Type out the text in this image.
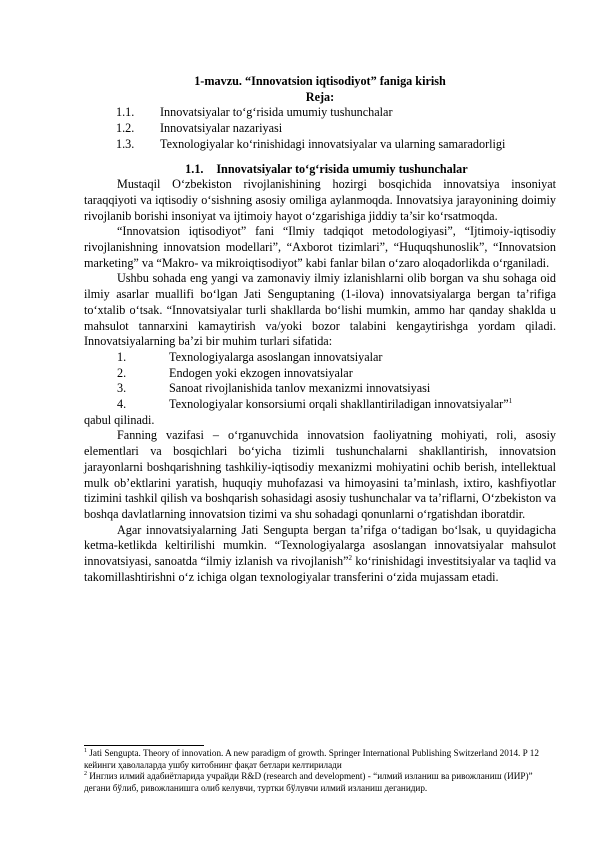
1-mavzu. “Innovatsion iqtisodiyot” faniga kirish
Reja:
1.1.	Innovatsiyalar to‘g‘risida umumiy tushunchalar
1.2.	Innovatsiyalar nazariyasi
1.3.	Texnologiyalar ko‘rinishidagi innovatsiyalar va ularning samaradorligi
1.1. Innovatsiyalar to‘g‘risida umumiy tushunchalar

Mustaqil O‘zbekiston rivojlanishining hozirgi bosqichida innovatsiya insoniyat taraqqiyoti va iqtisodiy o‘sishning asosiy omiliga aylanmoqda. Innovatsiya jarayonining doimiy rivojlanib borishi insoniyat va ijtimoiy hayot o‘zgarishiga jiddiy ta’sir ko‘rsatmoqda.

“Innovatsion iqtisodiyot” fani “Ilmiy tadqiqot metodologiyasi”, “Ijtimoiy-iqtisodiy rivojlanishning innovatsion modellari”, “Axborot tizimlari”, “Huquqshunoslik”, “Innovatsion marketing” va “Makro- va mikroiqtisodiyot” kabi fanlar bilan o‘zaro aloqadorlikda o‘rganiladi.

Ushbu sohada eng yangi va zamonaviy ilmiy izlanishlarni olib borgan va shu sohaga oid ilmiy asarlar muallifi bo‘lgan Jati Senguptaning (1-ilova) innovatsiyalarga bergan ta’rifiga to‘xtalib o‘tsak. “Innovatsiyalar turli shakllarda bo‘lishi mumkin, ammo har qanday shaklda u mahsulot tannarxini kamaytirish va/yoki bozor talabini kengaytirishga yordam qiladi. Innovatsiyalarning ba’zi bir muhim turlari sifatida:

1.	Texnologiyalarga asoslangan innovatsiyalar
2.	Endogen yoki ekzogen innovatsiyalar
3.	Sanoat rivojlanishida tanlov mexanizmi innovatsiyasi
4.	Texnologiyalar konsorsiumi orqali shakllantiriladigan innovatsiyalar”$^1$

qabul qilinadi.

Fanning vazifasi – o‘rganuvchida innovatsion faoliyatning mohiyati, roli, asosiy elementlari va bosqichlari bo‘yicha tizimli tushunchalarni shakllantirish, innovatsion jarayonlarni boshqarishning tashkiliy-iqtisodiy mexanizmi mohiyatini ochib berish, intellektual mulk ob’ektlarini yaratish, huquqiy muhofazasi va himoyasini ta’minlash, ixtiro, kashfiyotlar tizimini tashkil qilish va boshqarish sohasidagi asosiy tushunchalar va ta’riflarni, O‘zbekiston va boshqa davlatlarning innovatsion tizimi va shu sohadagi qonunlarni o‘rgatishdan iboratdir.

Agar innovatsiyalarning Jati Sengupta bergan ta’rifga o‘tadigan bo‘lsak, u quyidagicha ketma-ketlikda keltirilishi mumkin. “Texnologiyalarga asoslangan innovatsiyalar mahsulot innovatsiyasi, sanoatda “ilmiy izlanish va rivojlanish”$^2$ ko‘rinishidagi investitsiyalar va taqlid va takomillashtirishni o‘z ichiga olgan texnologiyalar transferini o‘zida mujassam etadi.

$^1$ Jati Sengupta. Theory of innovation. A new paradigm of growth. Springer International Publishing Switzerland 2014. P 12 кейинги ҳаволаларда ушбу китобнинг фақат бетлари келтирилади
$^2$ Инглиз илмий адабиётларида учрайди R&D (research and development) - “илмий изланиш ва ривожланиш (ИИР)” дегани бўлиб, ривожланишга олиб келувчи, туртки бўлувчи илмий изланиш деганидир.
